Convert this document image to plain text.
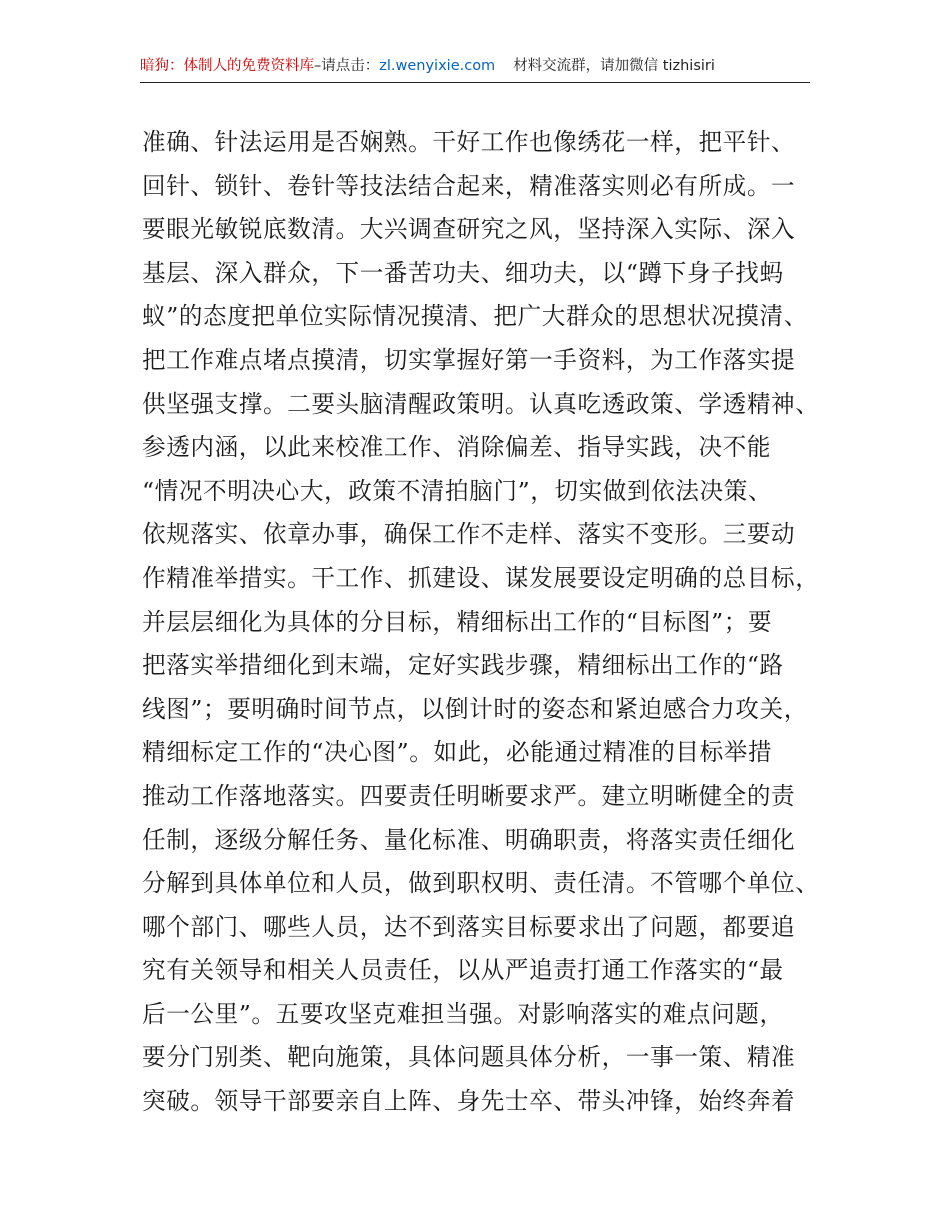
暗狗：体制人的免费资料库–请点击：zl.wenyixie.com 材料交流群，请加微信 tizhisiri
准确、针法运用是否娴熟。干好工作也像绣花一样，把平针、
回针、锁针、卷针等技法结合起来，精准落实则必有所成。一
要眼光敏锐底数清。大兴调查研究之风，坚持深入实际、深入
基层、深入群众，下一番苦功夫、细功夫，以“蹲下身子找蚂
蚁”的态度把单位实际情况摸清、把广大群众的思想状况摸清、
把工作难点堵点摸清，切实掌握好第一手资料，为工作落实提
供坚强支撑。二要头脑清醒政策明。认真吃透政策、学透精神、
参透内涵，以此来校准工作、消除偏差、指导实践，决不能
“情况不明决心大，政策不清拍脑门”，切实做到依法决策、
依规落实、依章办事，确保工作不走样、落实不变形。三要动
作精准举措实。干工作、抓建设、谋发展要设定明确的总目标，
并层层细化为具体的分目标，精细标出工作的“目标图”；要
把落实举措细化到末端，定好实践步骤，精细标出工作的“路
线图”；要明确时间节点，以倒计时的姿态和紧迫感合力攻关，
精细标定工作的“决心图”。如此，必能通过精准的目标举措
推动工作落地落实。四要责任明晰要求严。建立明晰健全的责
任制，逐级分解任务、量化标准、明确职责，将落实责任细化
分解到具体单位和人员，做到职权明、责任清。不管哪个单位、
哪个部门、哪些人员，达不到落实目标要求出了问题，都要追
究有关领导和相关人员责任，以从严追责打通工作落实的“最
后一公里”。五要攻坚克难担当强。对影响落实的难点问题，
要分门别类、靶向施策，具体问题具体分析，一事一策、精准
突破。领导干部要亲自上阵、身先士卒、带头冲锋，始终奔着
